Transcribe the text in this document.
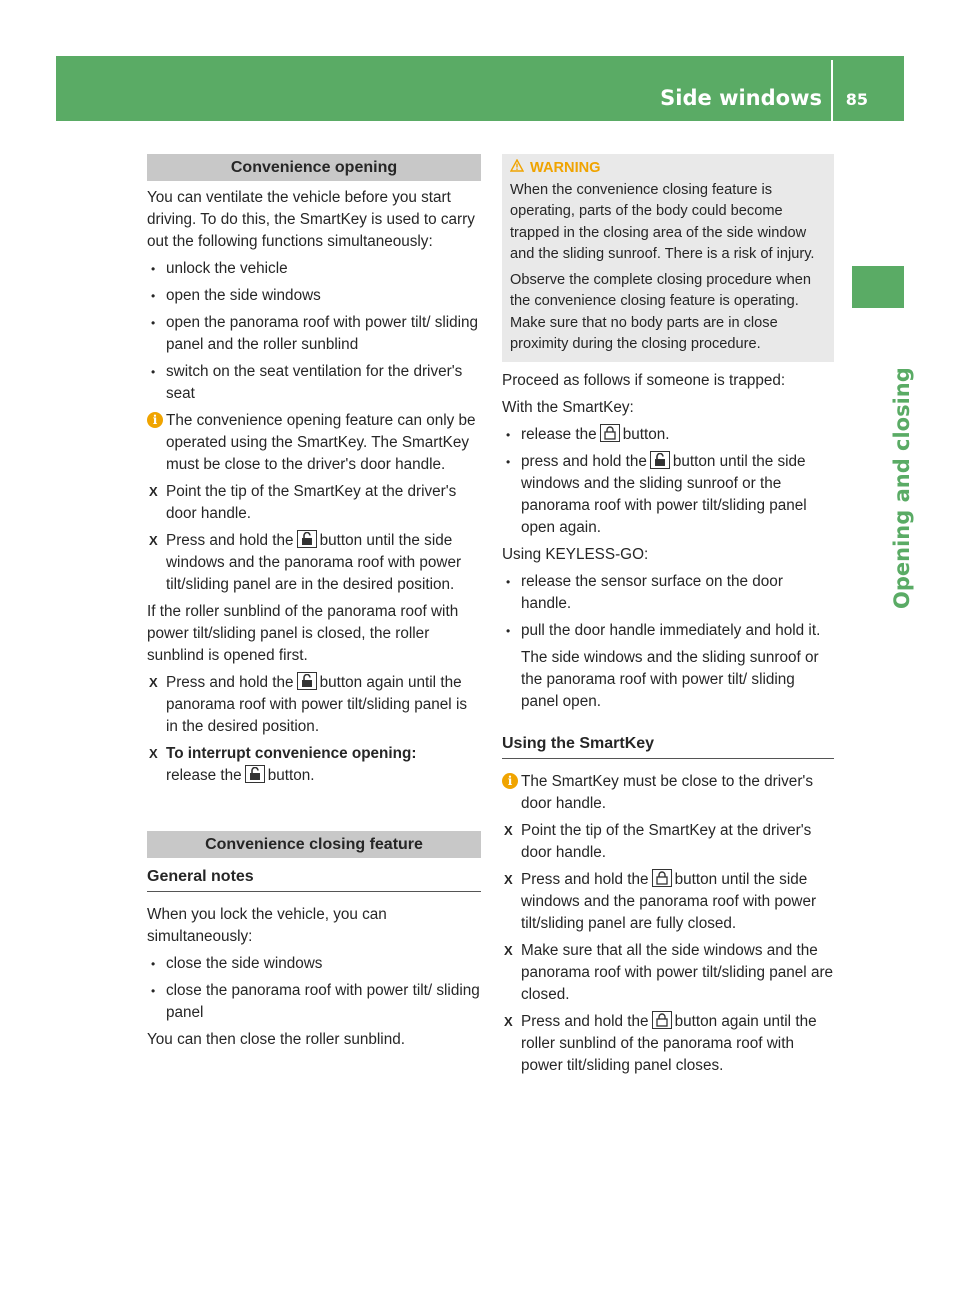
Side windows 85
Opening and closing
Convenience opening

You can ventilate the vehicle before you start driving. To do this, the SmartKey is used to carry out the following functions simultaneously:

• unlock the vehicle

• open the side windows

• open the panorama roof with power tilt/ sliding panel and the roller sunblind

• switch on the seat ventilation for the driver's seat

i The convenience opening feature can only be operated using the SmartKey. The SmartKey must be close to the driver's door handle.

X Point the tip of the SmartKey at the driver's door handle.

X Press and hold the button until the side windows and the panorama roof with power tilt/sliding panel are in the desired position.

If the roller sunblind of the panorama roof with power tilt/sliding panel is closed, the roller sunblind is opened first.

X Press and hold the button again until the panorama roof with power tilt/sliding panel is in the desired position.

X To interrupt convenience opening:
release the button.

Convenience closing feature
General notes

When you lock the vehicle, you can simultaneously:

• close the side windows

• close the panorama roof with power tilt/ sliding panel

You can then close the roller sunblind.

WARNING

When the convenience closing feature is operating, parts of the body could become trapped in the closing area of the side window and the sliding sunroof. There is a risk of injury.

Observe the complete closing procedure when the convenience closing feature is operating. Make sure that no body parts are in close proximity during the closing procedure.

Proceed as follows if someone is trapped:

With the SmartKey:

• release the button.

• press and hold the button until the side windows and the sliding sunroof or the panorama roof with power tilt/sliding panel open again.

Using KEYLESS-GO:

• release the sensor surface on the door handle.

• pull the door handle immediately and hold it.

The side windows and the sliding sunroof or the panorama roof with power tilt/ sliding panel open.

Using the SmartKey

i The SmartKey must be close to the driver's door handle.

X Point the tip of the SmartKey at the driver's door handle.

X Press and hold the button until the side windows and the panorama roof with power tilt/sliding panel are fully closed.

X Make sure that all the side windows and the panorama roof with power tilt/sliding panel are closed.

X Press and hold the button again until the roller sunblind of the panorama roof with power tilt/sliding panel closes.
